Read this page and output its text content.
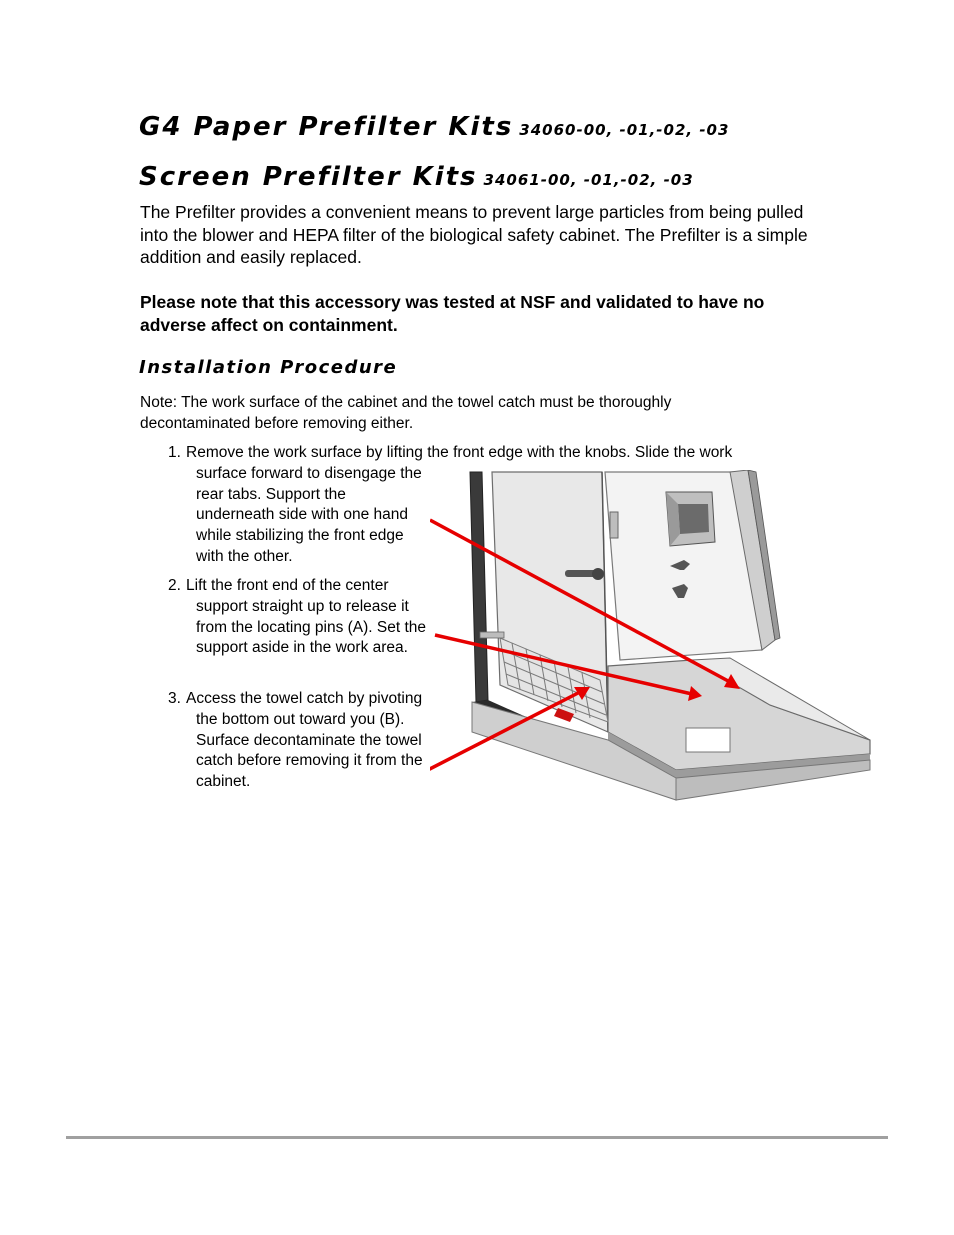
G4 Paper Prefilter Kits 34060-00, -01,-02, -03
Screen Prefilter Kits 34061-00, -01,-02, -03

The Prefilter provides a convenient means to prevent large particles from being pulled into the blower and HEPA filter of the biological safety cabinet. The Prefilter is a simple addition and easily replaced.

Please note that this accessory was tested at NSF and validated to have no adverse affect on containment.

Installation Procedure

Note: The work surface of the cabinet and the towel catch must be thoroughly decontaminated before removing either.

1. Remove the work surface by lifting the front edge with the knobs. Slide the work
surface forward to disengage the rear tabs. Support the underneath side with one hand while stabilizing the front edge with the other.
2. Lift the front end of the center support straight up to release it from the locating pins (A). Set the support aside in the work area.
3. Access the towel catch by pivoting the bottom out toward you (B). Surface decontaminate the towel catch before removing it from the cabinet.
